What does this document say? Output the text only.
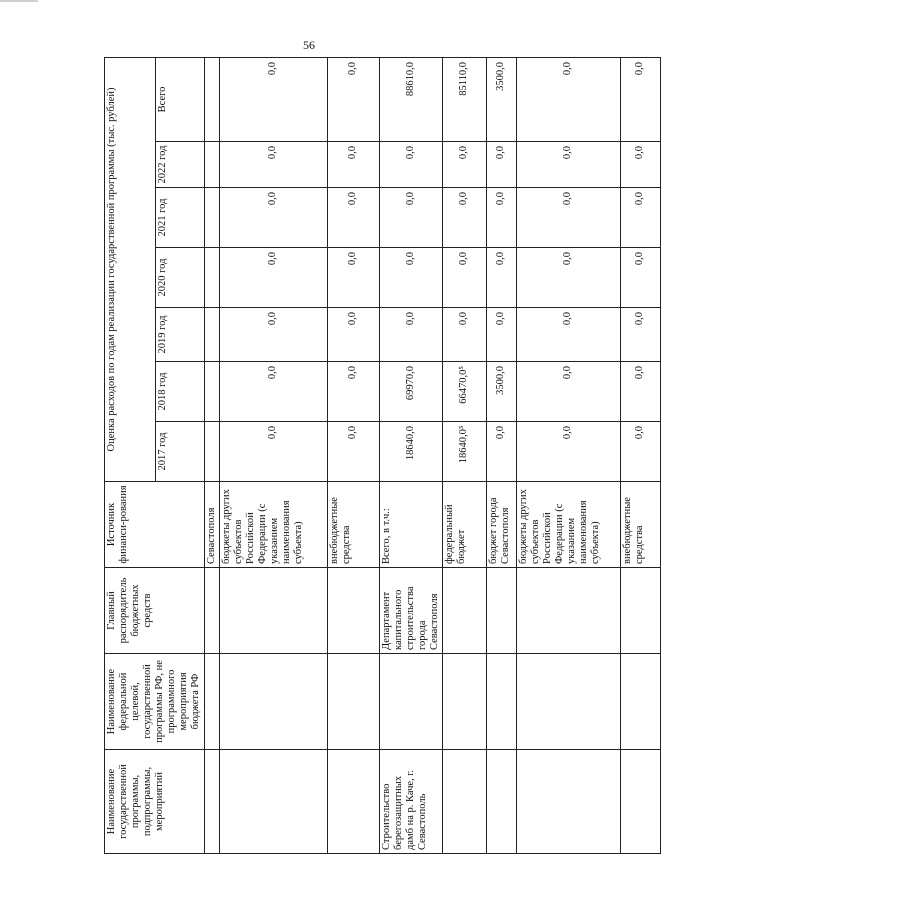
56
Наименование государственной программы, подпрограммы, мероприятий	Наименование федеральной целевой, государственной программы РФ, не программного мероприятия бюджета РФ	Главный распорядитель бюджетных средств	Источник финанси-рования	Оценка расходов по годам реализации государственной программы (тыс. рублей)						
				2017 год	2018 год	2019 год	2020 год	2021 год	2022 год	Всего
			Севастополя							
			бюджеты других субъектов Российской Федерации (с указанием наименования субъекта)	0,0	0,0	0,0	0,0	0,0	0,0	0,0
			внебюджетные средства	0,0	0,0	0,0	0,0	0,0	0,0	0,0
Строительство берегозащитных дамб на р. Каче, г. Севастополь		Департамент капитального строительства города Севастополя	Всего, в т.ч.:	18640,0	69970,0	0,0	0,0	0,0	0,0	88610,0
			федеральный бюджет	18640,0³	66470,0⁵	0,0	0,0	0,0	0,0	85110,0
			бюджет города Севастополя	0,0	3500,0	0,0	0,0	0,0	0,0	3500,0
			бюджеты других субъектов Российской Федерации (с указанием наименования субъекта)	0,0	0,0	0,0	0,0	0,0	0,0	0,0
			внебюджетные средства	0,0	0,0	0,0	0,0	0,0	0,0	0,0
